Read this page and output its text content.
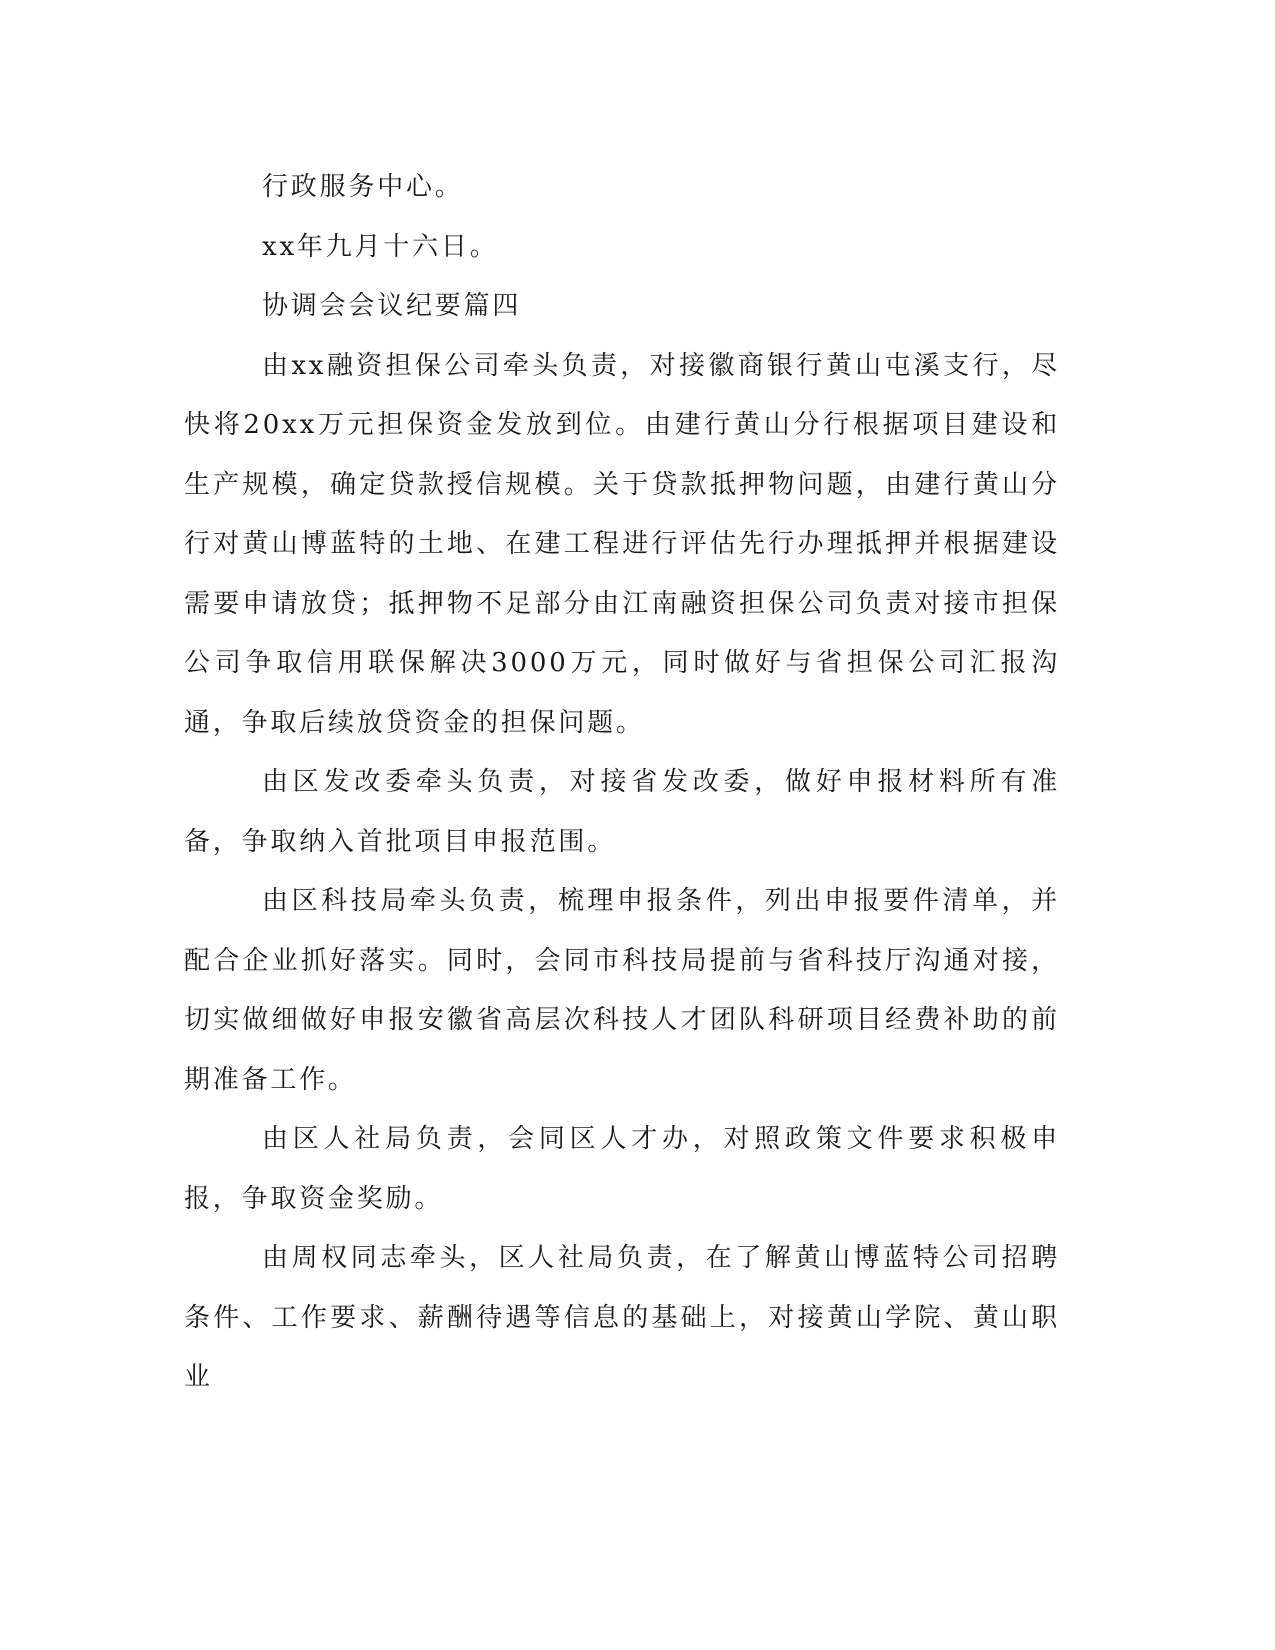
行政服务中心。

xx年九月十六日。

协调会会议纪要篇四

由xx融资担保公司牵头负责，对接徽商银行黄山屯溪支行，尽快将20xx万元担保资金发放到位。由建行黄山分行根据项目建设和生产规模，确定贷款授信规模。关于贷款抵押物问题，由建行黄山分行对黄山博蓝特的土地、在建工程进行评估先行办理抵押并根据建设需要申请放贷；抵押物不足部分由江南融资担保公司负责对接市担保公司争取信用联保解决3000万元，同时做好与省担保公司汇报沟通，争取后续放贷资金的担保问题。

由区发改委牵头负责，对接省发改委，做好申报材料所有准备，争取纳入首批项目申报范围。

由区科技局牵头负责，梳理申报条件，列出申报要件清单，并配合企业抓好落实。同时，会同市科技局提前与省科技厅沟通对接，切实做细做好申报安徽省高层次科技人才团队科研项目经费补助的前期准备工作。

由区人社局负责，会同区人才办，对照政策文件要求积极申报，争取资金奖励。

由周权同志牵头，区人社局负责，在了解黄山博蓝特公司招聘条件、工作要求、薪酬待遇等信息的基础上，对接黄山学院、黄山职业
